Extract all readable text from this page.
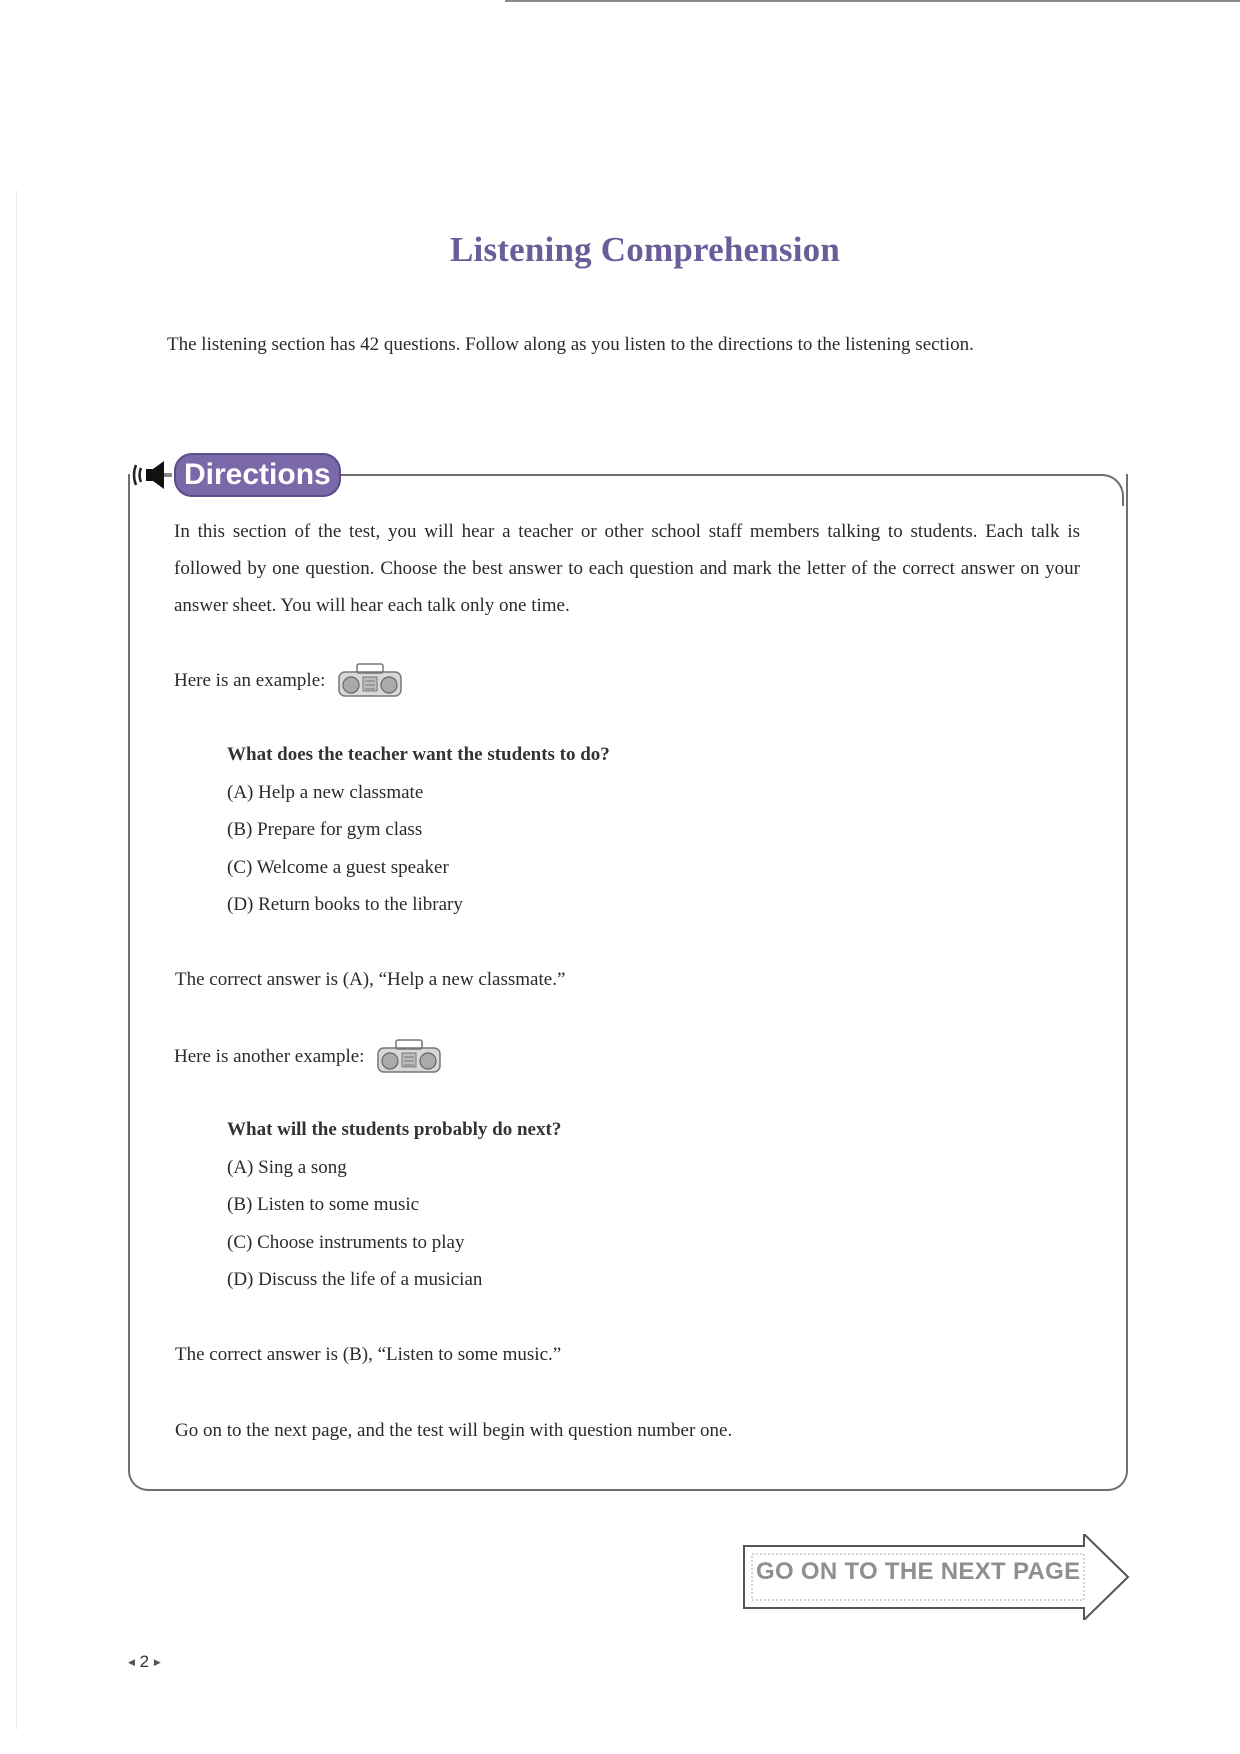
Listening Comprehension

The listening section has 42 questions. Follow along as you listen to the directions to the listening section.

Directions

In this section of the test, you will hear a teacher or other school staff members talking to students. Each talk is followed by one question. Choose the best answer to each question and mark the letter of the correct answer on your answer sheet. You will hear each talk only one time.

Here is an example:

What does the teacher want the students to do?

(A) Help a new classmate

(B) Prepare for gym class

(C) Welcome a guest speaker

(D) Return books to the library

The correct answer is (A), “Help a new classmate.”

Here is another example:

What will the students probably do next?

(A) Sing a song

(B) Listen to some music

(C) Choose instruments to play

(D) Discuss the life of a musician

The correct answer is (B), “Listen to some music.”

Go on to the next page, and the test will begin with question number one.

GO ON TO THE NEXT PAGE
◀ 2 ▶
